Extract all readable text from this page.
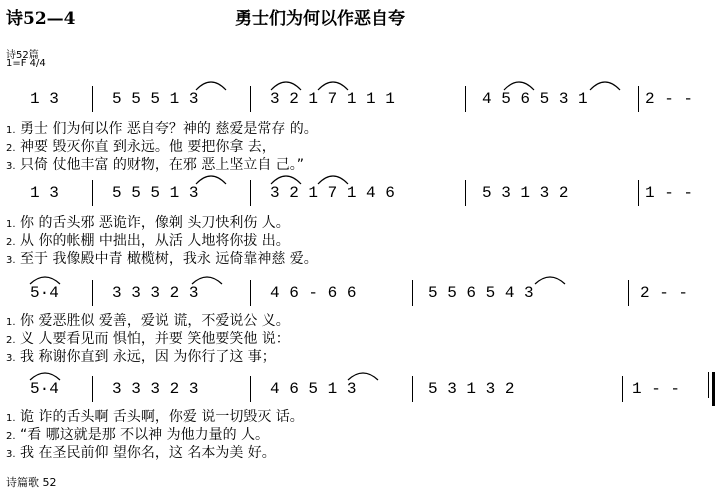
诗52—4	勇士们为何以作恶自夸
诗52篇
1=F 4/4
1 3	5 5 5 1 3	3 2 1 7 1 1 1	4 5 6 5 3 1	2 - -
1. 勇士 们为何以作 恶自夸？神的 慈爱是常存 的。
2. 神要 毁灭你直 到永远。他 要把你拿 去，
3. 只倚 仗他丰富 的财物，在邪 恶上坚立自 己。”
1 3	5 5 5 1 3	3 2 1 7 1 4 6	5 3 1 3 2	1 - -
1. 你 的舌头邪 恶诡诈，像剃 头刀快利伤 人。
2. 从 你的帐棚 中拙出，从活 人地将你拔 出。
3. 至于 我像殿中青 橄榄树，我永 远倚靠神慈 爱。
5·4	3 3 3 2 3	4 6 - 6 6	5 5 6 5 4 3	2 - -
1. 你 爱恶胜似 爱善，爱说 谎，不爱说公 义。
2. 义 人要看见而 惧怕，并要 笑他要笑他 说：
3. 我 称谢你直到 永远，因 为你行了这 事；
5·4	3 3 3 2 3	4 6 5 1 3	5 3 1 3 2	1 - -
1. 诡 诈的舌头啊 舌头啊，你爱 说一切毁灭 话。
2. “看 哪这就是那 不以神 为他力量的 人。
3. 我 在圣民前仰 望你名，这 名本为美 好。
诗篇歌 52
